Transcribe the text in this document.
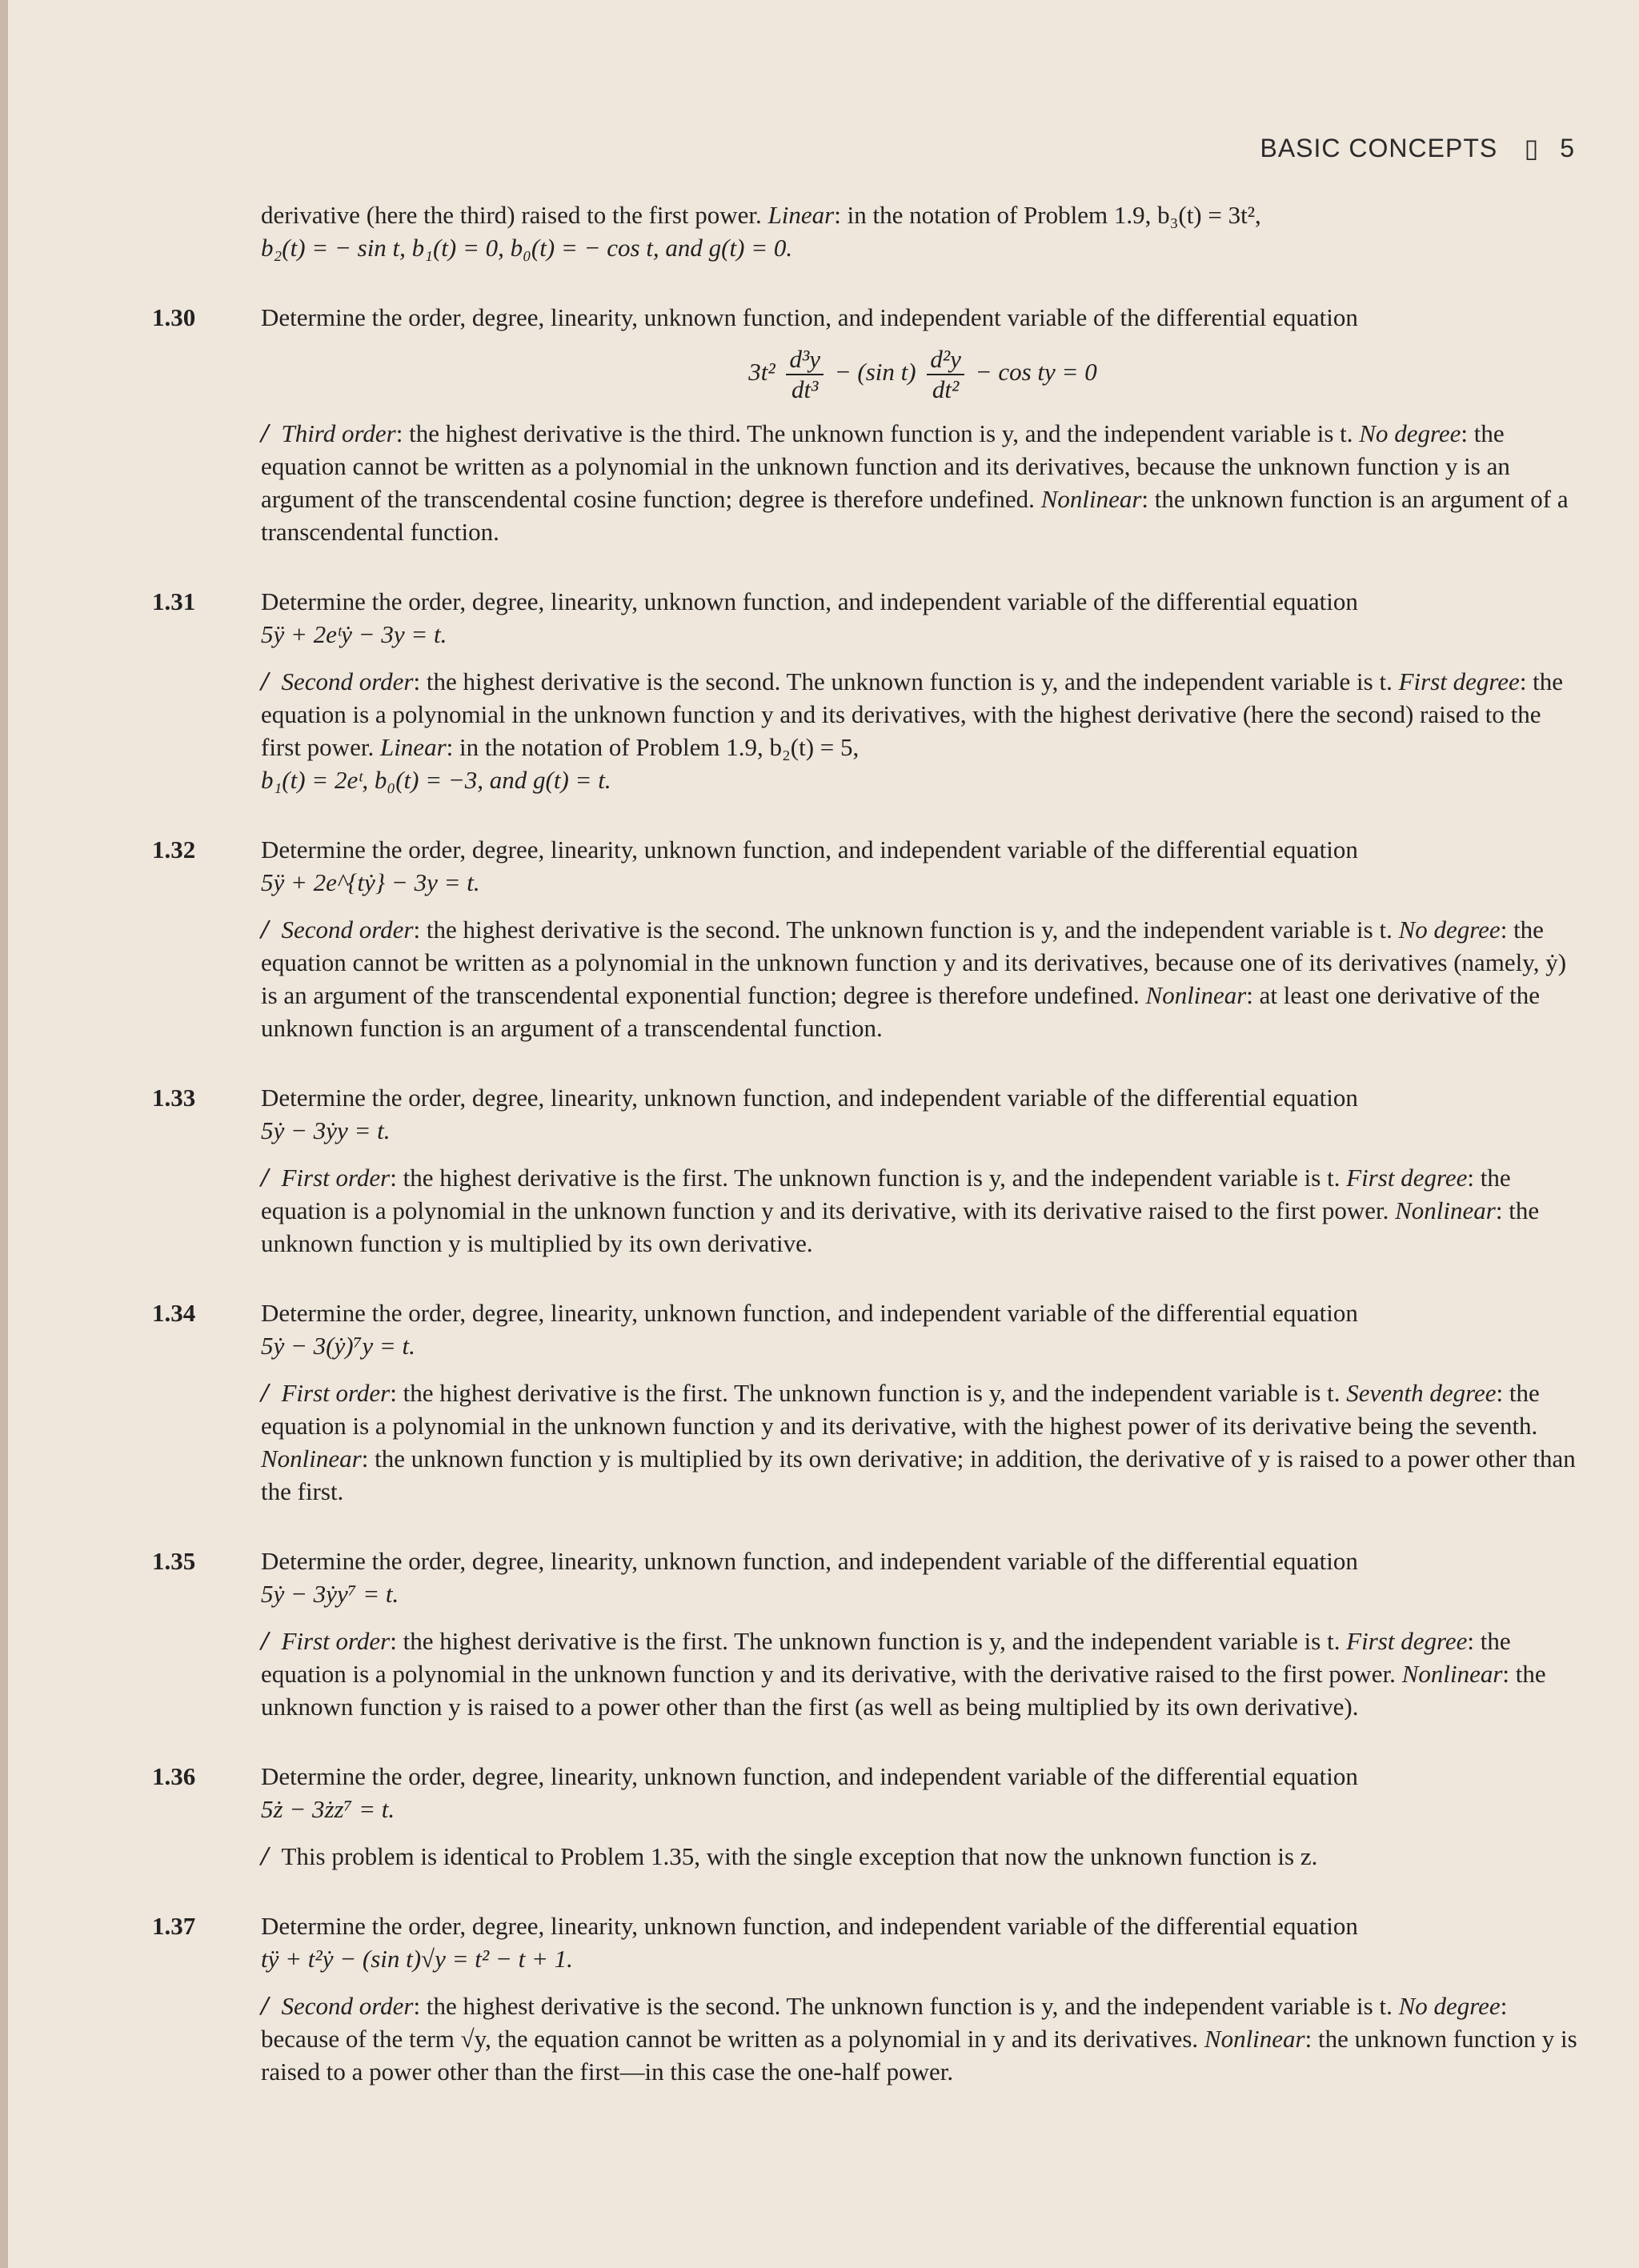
BASIC CONCEPTS ▯ 5

derivative (here the third) raised to the first power. Linear: in the notation of Problem 1.9, b₃(t) = 3t²,

b₂(t) = − sin t, b₁(t) = 0, b₀(t) = − cos t, and g(t) = 0.

1.30	Determine the order, degree, linearity, unknown function, and independent variable of the differential equation

$3t^2 \frac{\text{d³y}}{\text{dt³}} - (\sin$ $t) \frac{\text{d²y}}{\text{dt²}} - \cos$ ty = 0

/ Third order: the highest derivative is the third. The unknown function is y, and the independent variable is t. No degree: the equation cannot be written as a polynomial in the unknown function and its derivatives, because the unknown function y is an argument of the transcendental cosine function; degree is therefore undefined. Nonlinear: the unknown function is an argument of a transcendental function.

1.31	Determine the order, degree, linearity, unknown function, and independent variable of the differential equation

5ÿ + 2eᵗẏ − 3y = t.

/ Second order: the highest derivative is the second. The unknown function is y, and the independent variable is t. First degree: the equation is a polynomial in the unknown function y and its derivatives, with the highest derivative (here the second) raised to the first power. Linear: in the notation of Problem 1.9, b₂(t) = 5,

b₁(t) = 2eᵗ, b₀(t) = −3, and g(t) = t.

1.32	Determine the order, degree, linearity, unknown function, and independent variable of the differential equation

5ÿ + 2e^{tẏ} − 3y = t.

/ Second order: the highest derivative is the second. The unknown function is y, and the independent variable is t. No degree: the equation cannot be written as a polynomial in the unknown function y and its derivatives, because one of its derivatives (namely, ẏ) is an argument of the transcendental exponential function; degree is therefore undefined. Nonlinear: at least one derivative of the unknown function is an argument of a transcendental function.

1.33	Determine the order, degree, linearity, unknown function, and independent variable of the differential equation

5ẏ − 3ẏy = t.

/ First order: the highest derivative is the first. The unknown function is y, and the independent variable is t. First degree: the equation is a polynomial in the unknown function y and its derivative, with its derivative raised to the first power. Nonlinear: the unknown function y is multiplied by its own derivative.

1.34	Determine the order, degree, linearity, unknown function, and independent variable of the differential equation

5ẏ − 3(ẏ)⁷y = t.

/ First order: the highest derivative is the first. The unknown function is y, and the independent variable is t. Seventh degree: the equation is a polynomial in the unknown function y and its derivative, with the highest power of its derivative being the seventh. Nonlinear: the unknown function y is multiplied by its own derivative; in addition, the derivative of y is raised to a power other than the first.

1.35	Determine the order, degree, linearity, unknown function, and independent variable of the differential equation

5ẏ − 3ẏy⁷ = t.

/ First order: the highest derivative is the first. The unknown function is y, and the independent variable is t. First degree: the equation is a polynomial in the unknown function y and its derivative, with the derivative raised to the first power. Nonlinear: the unknown function y is raised to a power other than the first (as well as being multiplied by its own derivative).

1.36	Determine the order, degree, linearity, unknown function, and independent variable of the differential equation

5ż − 3żz⁷ = t.

/ This problem is identical to Problem 1.35, with the single exception that now the unknown function is z.

1.37	Determine the order, degree, linearity, unknown function, and independent variable of the differential equation

tÿ + t²ẏ − (sin t)√y = t² − t + 1.

/ Second order: the highest derivative is the second. The unknown function is y, and the independent variable is t. No degree: because of the term √y, the equation cannot be written as a polynomial in y and its derivatives. Nonlinear: the unknown function y is raised to a power other than the first—in this case the one-half power.
